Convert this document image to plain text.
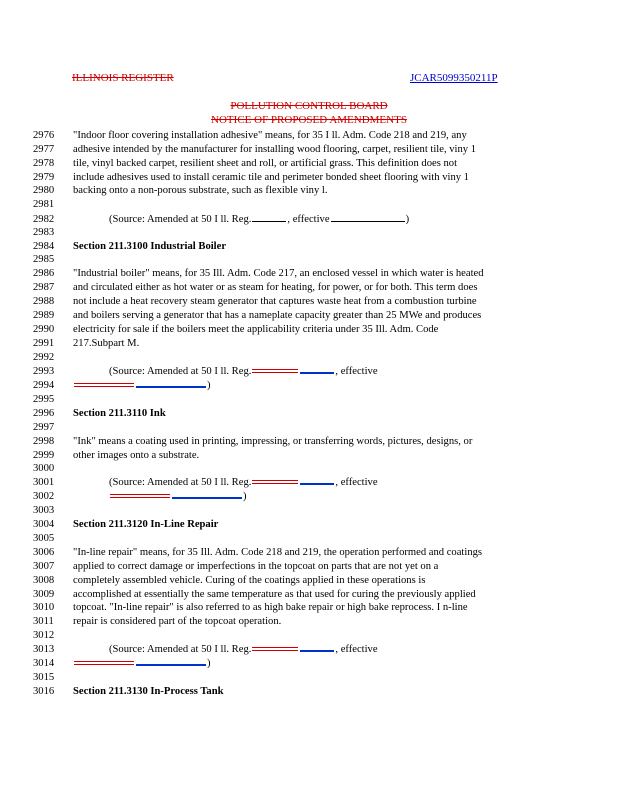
ILLINOIS REGISTER	JCAR5099350211P
POLLUTION CONTROL BOARD
NOTICE OF PROPOSED AMENDMENTS
2976 "Indoor floor covering installation adhesive" means, for 35 I ll. Adm. Code 218 and 219, any
2977 adhesive intended by the manufacturer for installing wood flooring, carpet, resilient tile, viny 1
2978 tile, vinyl backed carpet, resilient sheet and roll, or artificial grass. This definition does not
2979 include adhesives used to install ceramic tile and perimeter bonded sheet flooring with viny 1
2980 backing onto a non-porous substrate, such as flexible viny l.
2981
2982	(Source: Amended at 50 I ll. Reg.	, effective	)
2983
2984 Section 211.3100 Industrial Boiler
2985
2986 "Industrial boiler" means, for 35 Ill. Adm. Code 217, an enclosed vessel in which water is heated
2987 and circulated either as hot water or as steam for heating, for power, or for both. This term does
2988 not include a heat recovery steam generator that captures waste heat from a combustion turbine
2989 and boilers serving a generator that has a nameplate capacity greater than 25 MWe and produces
2990 electricity for sale if the boilers meet the applicability criteria under 35 Ill. Adm. Code
2991 217.Subpart M.
2992
2993	(Source: Amended at 50 I ll. Reg.	, effective
2994	)
2995
2996 Section 211.3110 Ink
2997
2998 "Ink" means a coating used in printing, impressing, or transferring words, pictures, designs, or
2999 other images onto a substrate.
3000
3001	(Source: Amended at 50 I ll. Reg.	, effective
3002	)
3003
3004 Section 211.3120 In-Line Repair
3005
3006 "In-line repair" means, for 35 Ill. Adm. Code 218 and 219, the operation performed and coatings
3007 applied to correct damage or imperfections in the topcoat on parts that are not yet on a
3008 completely assembled vehicle. Curing of the coatings applied in these operations is
3009 accomplished at essentially the same temperature as that used for curing the previously applied
3010 topcoat. "In-line repair" is also referred to as high bake repair or high bake reprocess. I n-line
3011 repair is considered part of the topcoat operation.
3012
3013	(Source: Amended at 50 I ll. Reg.	, effective
3014	)
3015
3016 Section 211.3130 In-Process Tank
